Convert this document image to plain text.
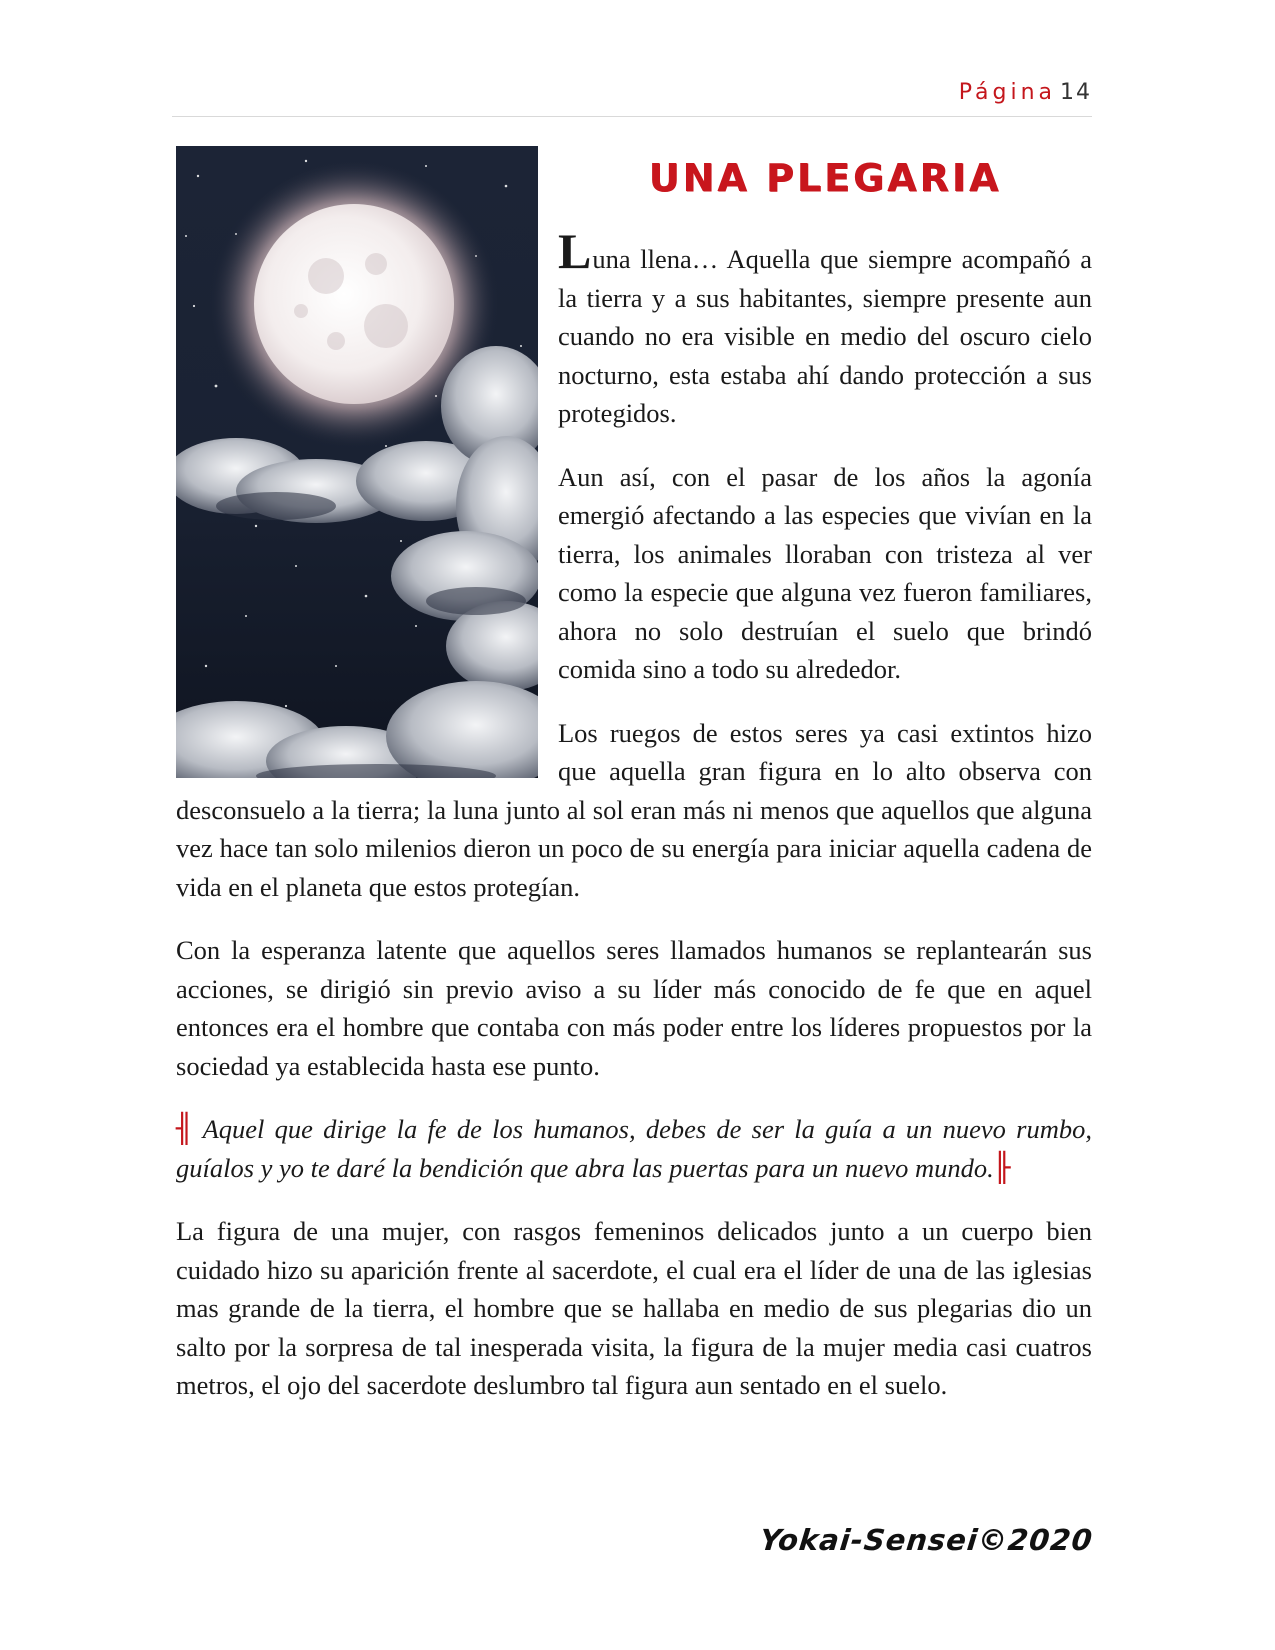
Página 14
UNA PLEGARIA

Luna llena… Aquella que siempre acompañó a la tierra y a sus habitantes, siempre presente aun cuando no era visible en medio del oscuro cielo nocturno, esta estaba ahí dando protección a sus protegidos.

Aun así, con el pasar de los años la agonía emergió afectando a las especies que vivían en la tierra, los animales lloraban con tristeza al ver como la especie que alguna vez fueron familiares, ahora no solo destruían el suelo que brindó comida sino a todo su alrededor.

Los ruegos de estos seres ya casi extintos hizo que aquella gran figura en lo alto observa con desconsuelo a la tierra; la luna junto al sol eran más ni menos que aquellos que alguna vez hace tan solo milenios dieron un poco de su energía para iniciar aquella cadena de vida en el planeta que estos protegían.

Con la esperanza latente que aquellos seres llamados humanos se replantearán sus acciones, se dirigió sin previo aviso a su líder más conocido de fe que en aquel entonces era el hombre que contaba con más poder entre los líderes propuestos por la sociedad ya establecida hasta ese punto.

╢ Aquel que dirige la fe de los humanos, debes de ser la guía a un nuevo rumbo, guíalos y yo te daré la bendición que abra las puertas para un nuevo mundo.╟

La figura de una mujer, con rasgos femeninos delicados junto a un cuerpo bien cuidado hizo su aparición frente al sacerdote, el cual era el líder de una de las iglesias mas grande de la tierra, el hombre que se hallaba en medio de sus plegarias dio un salto por la sorpresa de tal inesperada visita, la figura de la mujer media casi cuatros metros, el ojo del sacerdote deslumbro tal figura aun sentado en el suelo.

Yokai-Sensei©2020
